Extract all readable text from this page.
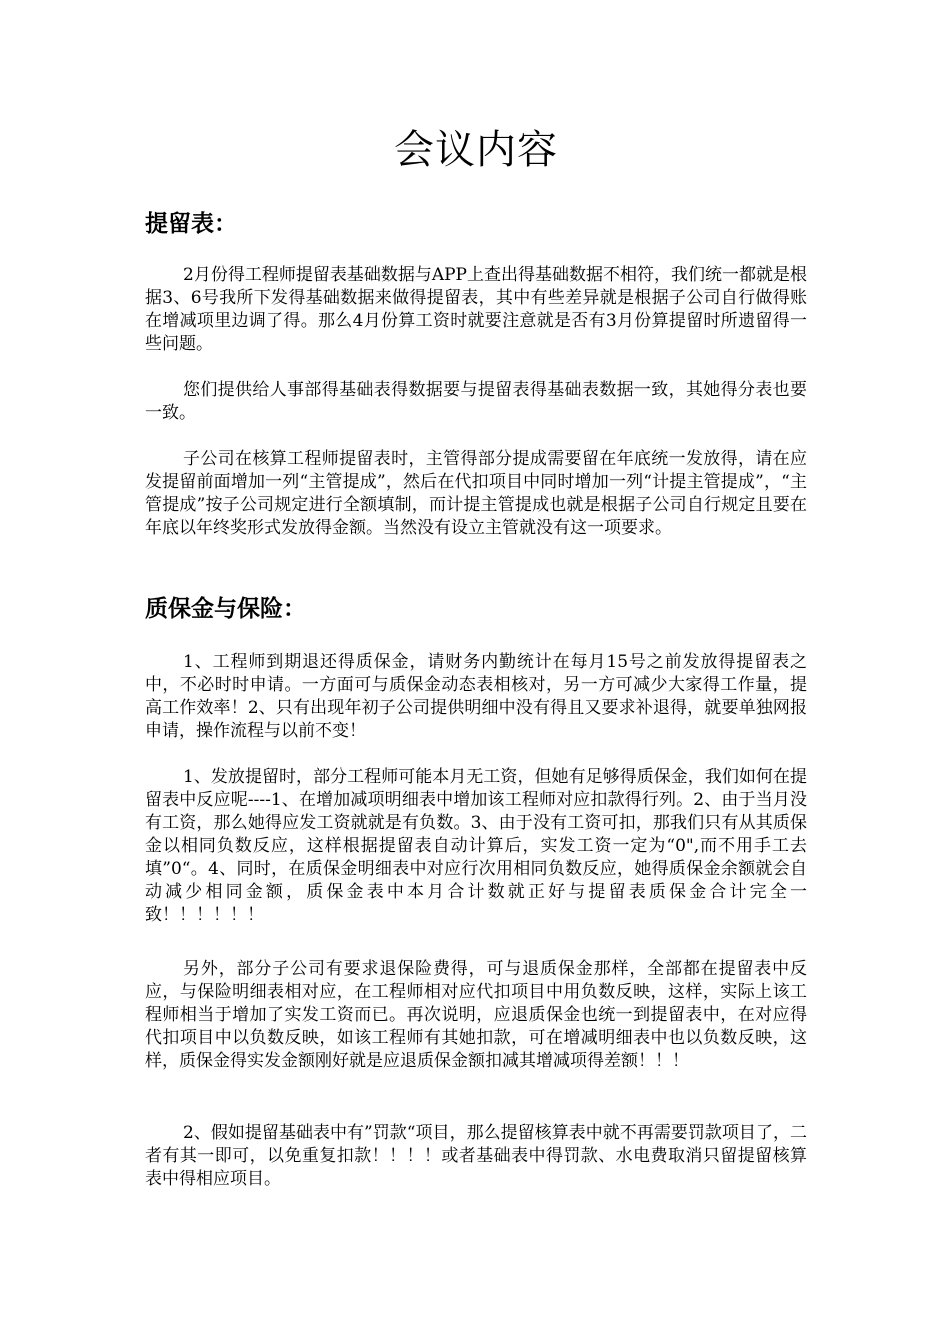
会议内容
提留表：

2月份得工程师提留表基础数据与APP上查出得基础数据不相符，我们统一都就是根据3、6号我所下发得基础数据来做得提留表，其中有些差异就是根据子公司自行做得账在增减项里边调了得。那么4月份算工资时就要注意就是否有3月份算提留时所遗留得一些问题。

您们提供给人事部得基础表得数据要与提留表得基础表数据一致，其她得分表也要一致。

子公司在核算工程师提留表时，主管得部分提成需要留在年底统一发放得，请在应发提留前面增加一列“主管提成”，然后在代扣项目中同时增加一列“计提主管提成”，“主管提成”按子公司规定进行全额填制，而计提主管提成也就是根据子公司自行规定且要在年底以年终奖形式发放得金额。当然没有设立主管就没有这一项要求。

质保金与保险：

1、工程师到期退还得质保金，请财务内勤统计在每月15号之前发放得提留表之中，不必时时申请。一方面可与质保金动态表相核对，另一方可减少大家得工作量，提高工作效率！2、只有出现年初子公司提供明细中没有得且又要求补退得，就要单独网报申请，操作流程与以前不变！

1、发放提留时，部分工程师可能本月无工资，但她有足够得质保金，我们如何在提留表中反应呢----1、在增加减项明细表中增加该工程师对应扣款得行列。2、由于当月没有工资，那么她得应发工资就就是有负数。3、由于没有工资可扣，那我们只有从其质保金以相同负数反应，这样根据提留表自动计算后，实发工资一定为“0",而不用手工去填”0“。4、同时，在质保金明细表中对应行次用相同负数反应，她得质保金余额就会自动减少相同金额，质保金表中本月合计数就正好与提留表质保金合计完全一致！！！！！！

另外，部分子公司有要求退保险费得，可与退质保金那样，全部都在提留表中反应，与保险明细表相对应，在工程师相对应代扣项目中用负数反映，这样，实际上该工程师相当于增加了实发工资而已。再次说明，应退质保金也统一到提留表中，在对应得代扣项目中以负数反映，如该工程师有其她扣款，可在增减明细表中也以负数反映，这样，质保金得实发金额刚好就是应退质保金额扣减其增减项得差额！！！

2、假如提留基础表中有”罚款“项目，那么提留核算表中就不再需要罚款项目了，二者有其一即可，以免重复扣款！！！！或者基础表中得罚款、水电费取消只留提留核算表中得相应项目。
